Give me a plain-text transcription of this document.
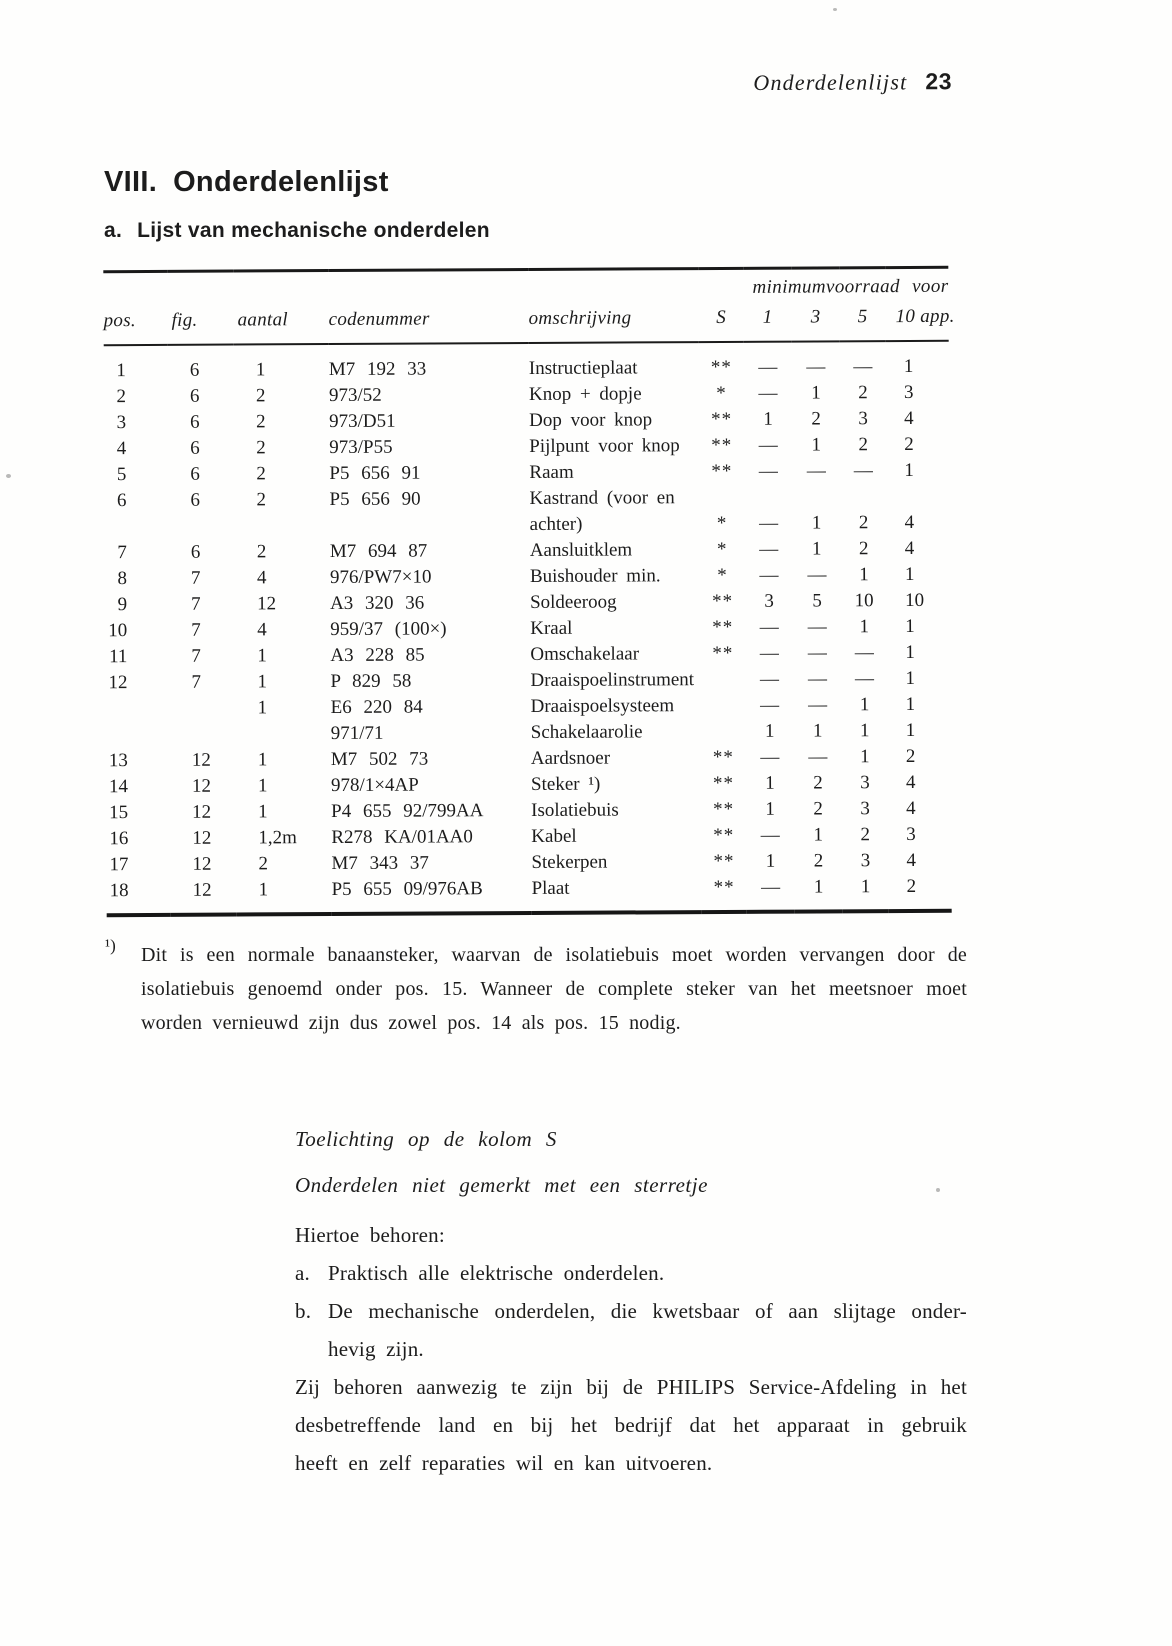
Onderdelenlijst 23
VIII. Onderdelenlijst
a. Lijst van mechanische onderdelen
minimumvoorraad voor									
pos.	fig.	aantal	codenummer	omschrijving	S	1	3	5	10 app.
1	6	1	M7 192 33	Instructieplaat	**	—	—	—	1
2	6	2	973/52	Knop + dopje	*	—	1	2	3
3	6	2	973/D51	Dop voor knop	**	1	2	3	4
4	6	2	973/P55	Pijlpunt voor knop	**	—	1	2	2
5	6	2	P5 656 91	Raam	**	—	—	—	1
6	6	2	P5 656 90	Kastrand (voor en					
				achter)	*	—	1	2	4
7	6	2	M7 694 87	Aansluitklem	*	—	1	2	4
8	7	4	976/PW7×10	Buishouder min.	*	—	—	1	1
9	7	12	A3 320 36	Soldeeroog	**	3	5	10	10
10	7	4	959/37 (100×)	Kraal	**	—	—	1	1
11	7	1	A3 228 85	Omschakelaar	**	—	—	—	1
12	7	1	P 829 58	Draaispoelinstrument		—	—	—	1
		1	E6 220 84	Draaispoelsysteem		—	—	1	1
			971/71	Schakelaarolie		1	1	1	1
13	12	1	M7 502 73	Aardsnoer	**	—	—	1	2
14	12	1	978/1×4AP	Steker ¹)	**	1	2	3	4
15	12	1	P4 655 92/799AA	Isolatiebuis	**	1	2	3	4
16	12	1,2m	R278 KA/01AA0	Kabel	**	—	1	2	3
17	12	2	M7 343 37	Stekerpen	**	1	2	3	4
18	12	1	P5 655 09/976AB	Plaat	**	—	1	1	2
¹) Dit is een normale banaansteker, waarvan de isolatiebuis moet worden vervangen door de
isolatiebuis genoemd onder pos. 15. Wanneer de complete steker van het meetsnoer moet
worden vernieuwd zijn dus zowel pos. 14 als pos. 15 nodig.
Toelichting op de kolom S
Onderdelen niet gemerkt met een sterretje
Hiertoe behoren:
a. Praktisch alle elektrische onderdelen.
b. De mechanische onderdelen, die kwetsbaar of aan slijtage onder-
hevig zijn.
Zij behoren aanwezig te zijn bij de PHILIPS Service-Afdeling in het
desbetreffende land en bij het bedrijf dat het apparaat in gebruik
heeft en zelf reparaties wil en kan uitvoeren.
